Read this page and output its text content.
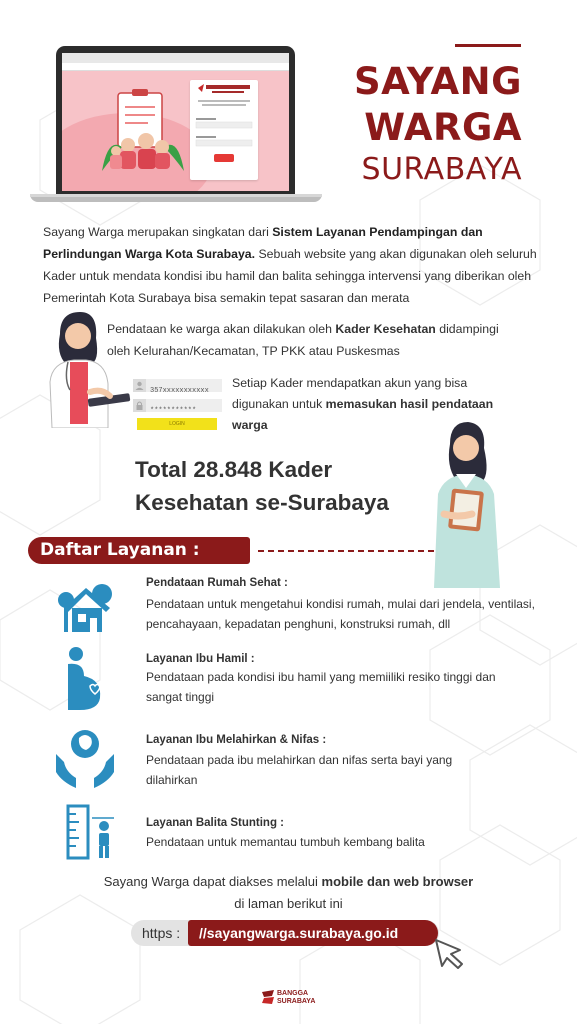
SAYANG
WARGA
SURABAYA
Sayang Warga merupakan singkatan dari Sistem Layanan Pendampingan dan Perlindungan Warga Kota Surabaya. Sebuah website yang akan digunakan oleh seluruh Kader untuk mendata kondisi ibu hamil dan balita sehingga intervensi yang diberikan oleh Pemerintah Kota Surabaya bisa semakin tepat sasaran dan merata
Pendataan ke warga akan dilakukan oleh Kader Kesehatan didampingi oleh Kelurahan/Kecamatan, TP PKK atau Puskesmas
357xxxxxxxxxxx
***********
LOGIN
Setiap Kader mendapatkan akun yang bisa digunakan untuk memasukan hasil pendataan warga
Total 28.848 Kader
Kesehatan se-Surabaya
Daftar Layanan :
Pendataan Rumah Sehat :
Pendataan untuk mengetahui kondisi rumah, mulai dari jendela, ventilasi, pencahayaan, kepadatan penghuni, konstruksi rumah, dll
Layanan Ibu Hamil :
Pendataan pada kondisi ibu hamil yang memiiliki resiko tinggi dan sangat tinggi
Layanan Ibu Melahirkan & Nifas :
Pendataan pada ibu melahirkan dan nifas serta bayi yang dilahirkan
Layanan Balita Stunting :
Pendataan untuk memantau tumbuh kembang balita
Sayang Warga dapat diakses melalui mobile dan web browser
di laman berikut ini
https : //sayangwarga.surabaya.go.id
BANGGA
SURABAYA
